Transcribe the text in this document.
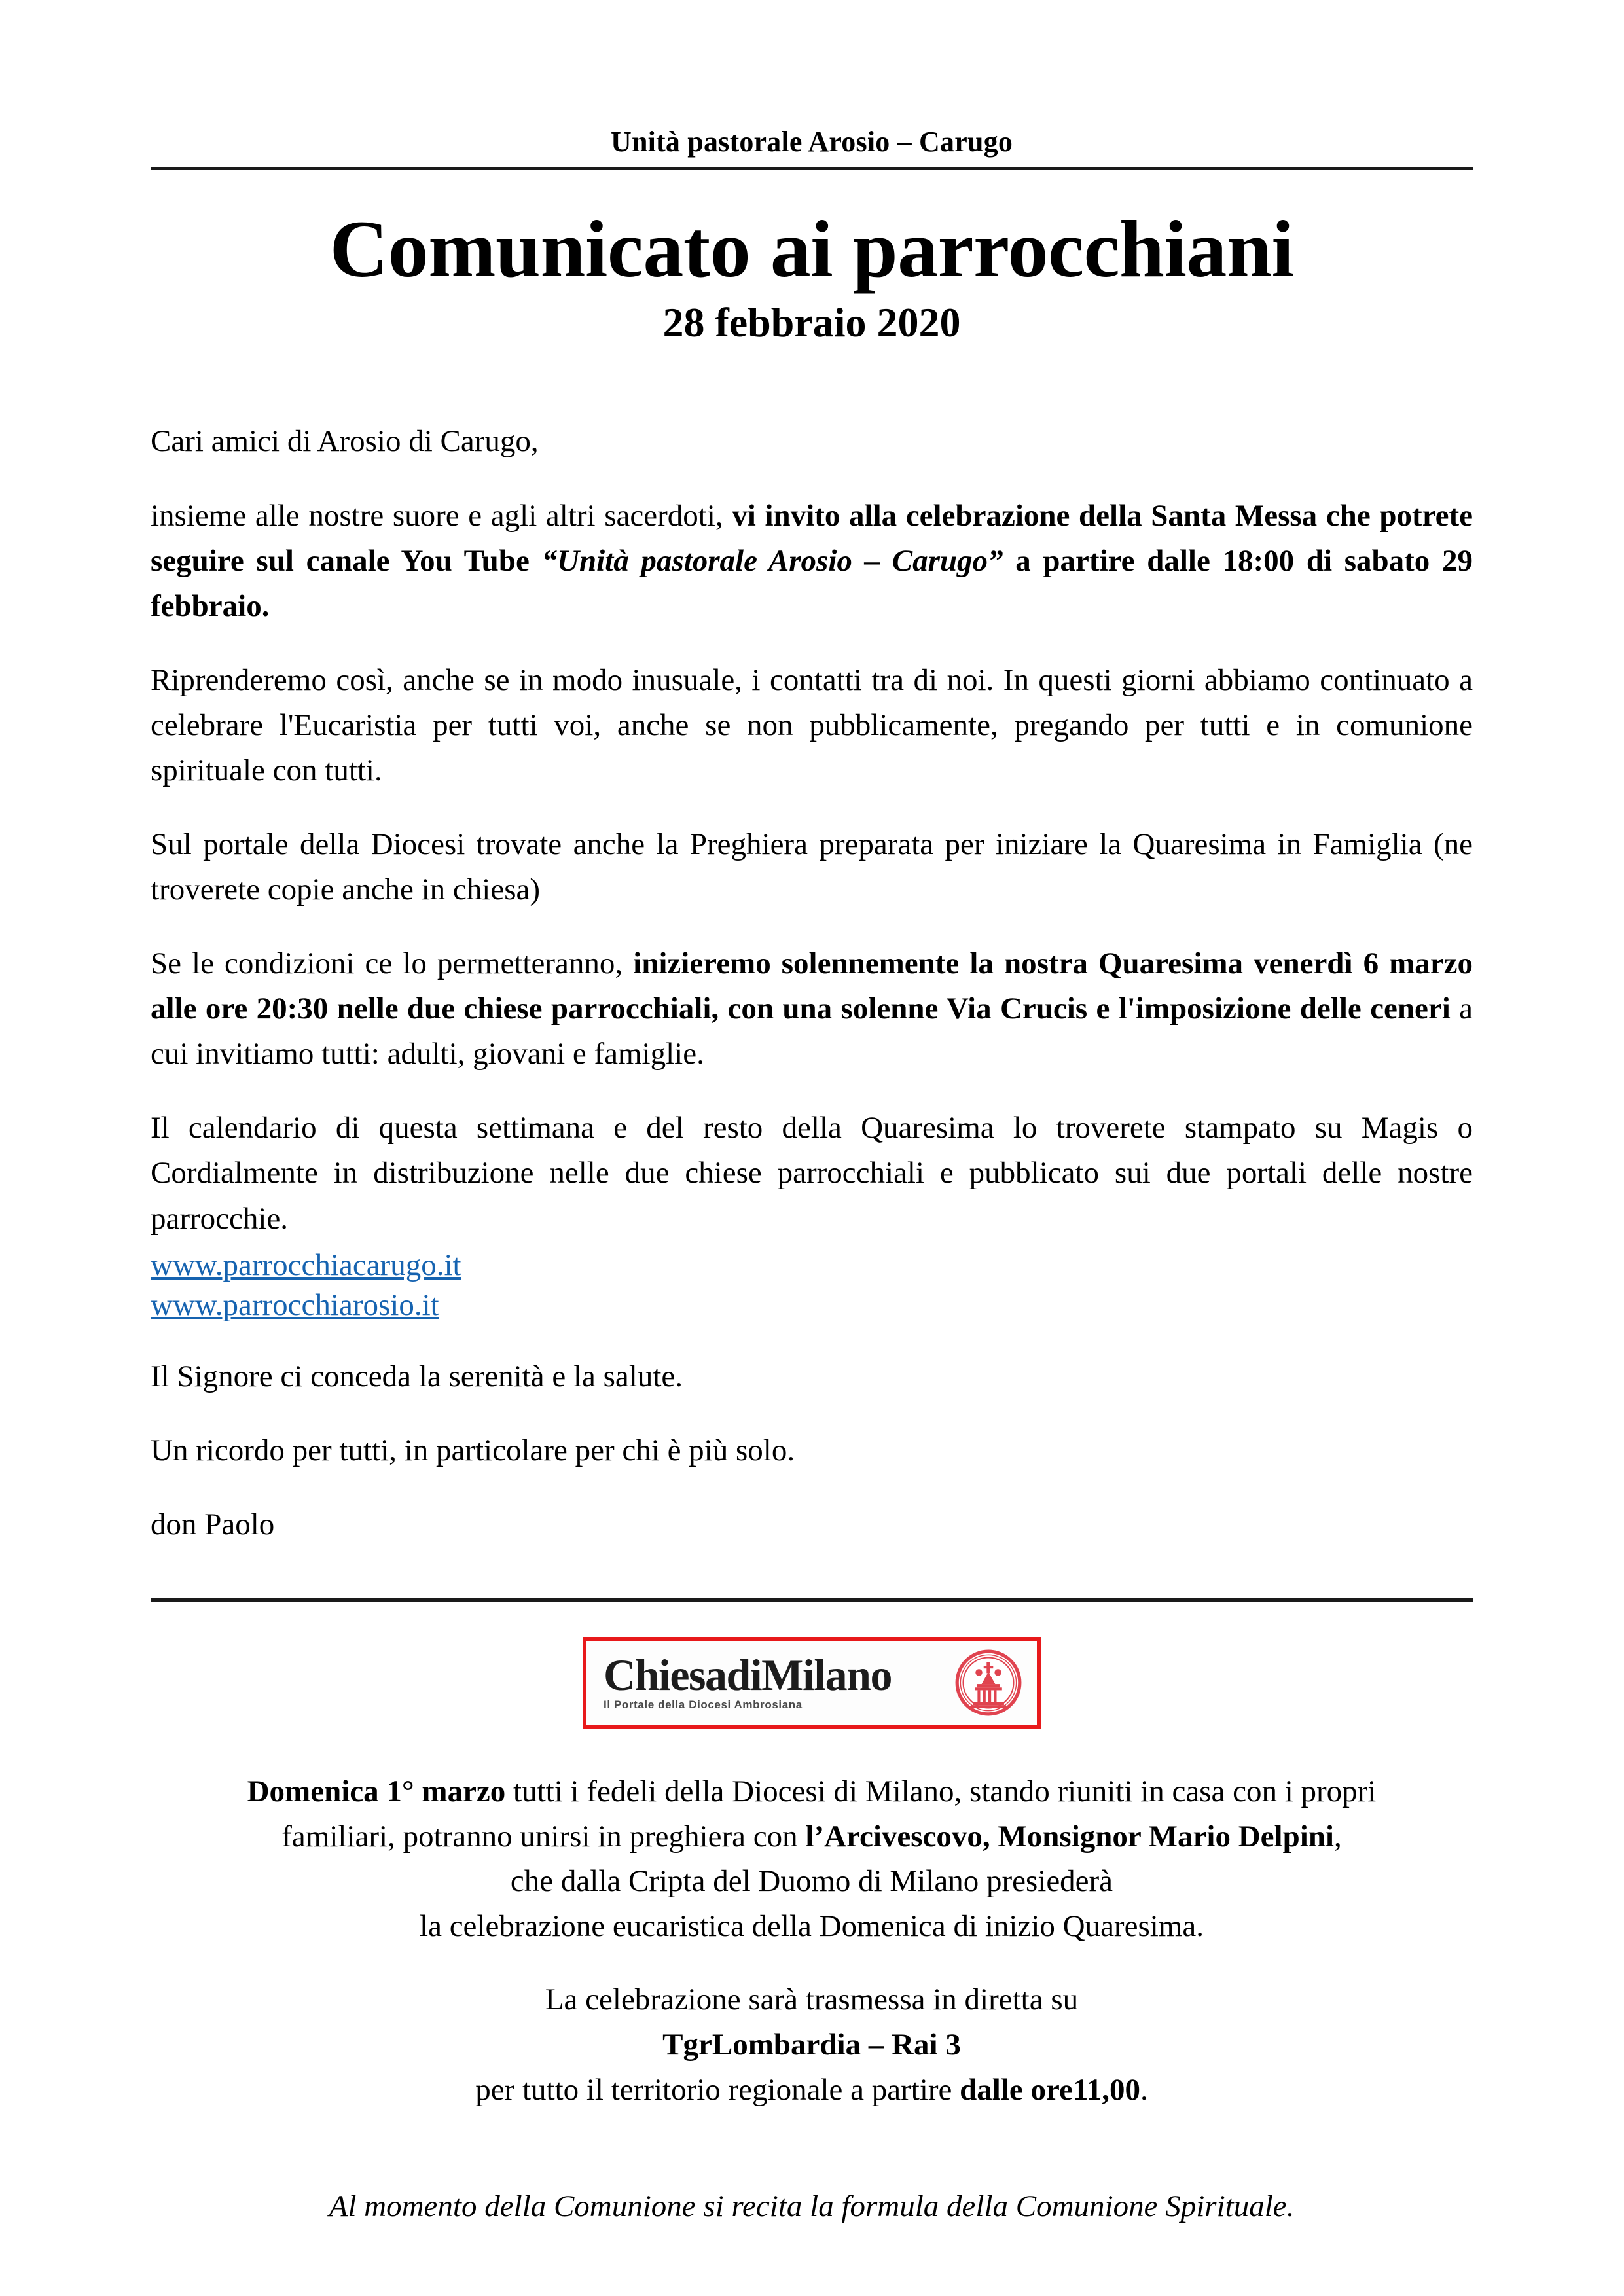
Unità pastorale Arosio – Carugo
Comunicato ai parrocchiani
28 febbraio 2020

Cari amici di Arosio di Carugo,

insieme alle nostre suore e agli altri sacerdoti, vi invito alla celebrazione della Santa Messa che potrete seguire sul canale You Tube “Unità pastorale Arosio – Carugo” a partire dalle 18:00 di sabato 29 febbraio.

Riprenderemo così, anche se in modo inusuale, i contatti tra di noi. In questi giorni abbiamo continuato a celebrare l'Eucaristia per tutti voi, anche se non pubblicamente, pregando per tutti e in comunione spirituale con tutti.

Sul portale della Diocesi trovate anche la Preghiera preparata per iniziare la Quaresima in Famiglia (ne troverete copie anche in chiesa)

Se le condizioni ce lo permetteranno, inizieremo solennemente la nostra Quaresima venerdì 6 marzo alle ore 20:30 nelle due chiese parrocchiali, con una solenne Via Crucis e l'imposizione delle ceneri a cui invitiamo tutti: adulti, giovani e famiglie.

Il calendario di questa settimana e del resto della Quaresima lo troverete stampato su Magis o Cordialmente in distribuzione nelle due chiese parrocchiali e pubblicato sui due portali delle nostre parrocchie.

www.parrocchiacarugo.it
www.parrocchiarosio.it

Il Signore ci conceda la serenità e la salute.

Un ricordo per tutti, in particolare per chi è più solo.

don Paolo

ChiesadiMilano
Il Portale della Diocesi Ambrosiana
Domenica 1° marzo tutti i fedeli della Diocesi di Milano, stando riuniti in casa con i propri
familiari, potranno unirsi in preghiera con l’Arcivescovo, Monsignor Mario Delpini,
che dalla Cripta del Duomo di Milano presiederà
la celebrazione eucaristica della Domenica di inizio Quaresima.
La celebrazione sarà trasmessa in diretta su
TgrLombardia – Rai 3
per tutto il territorio regionale a partire dalle ore11,00.
Al momento della Comunione si recita la formula della Comunione Spirituale.
